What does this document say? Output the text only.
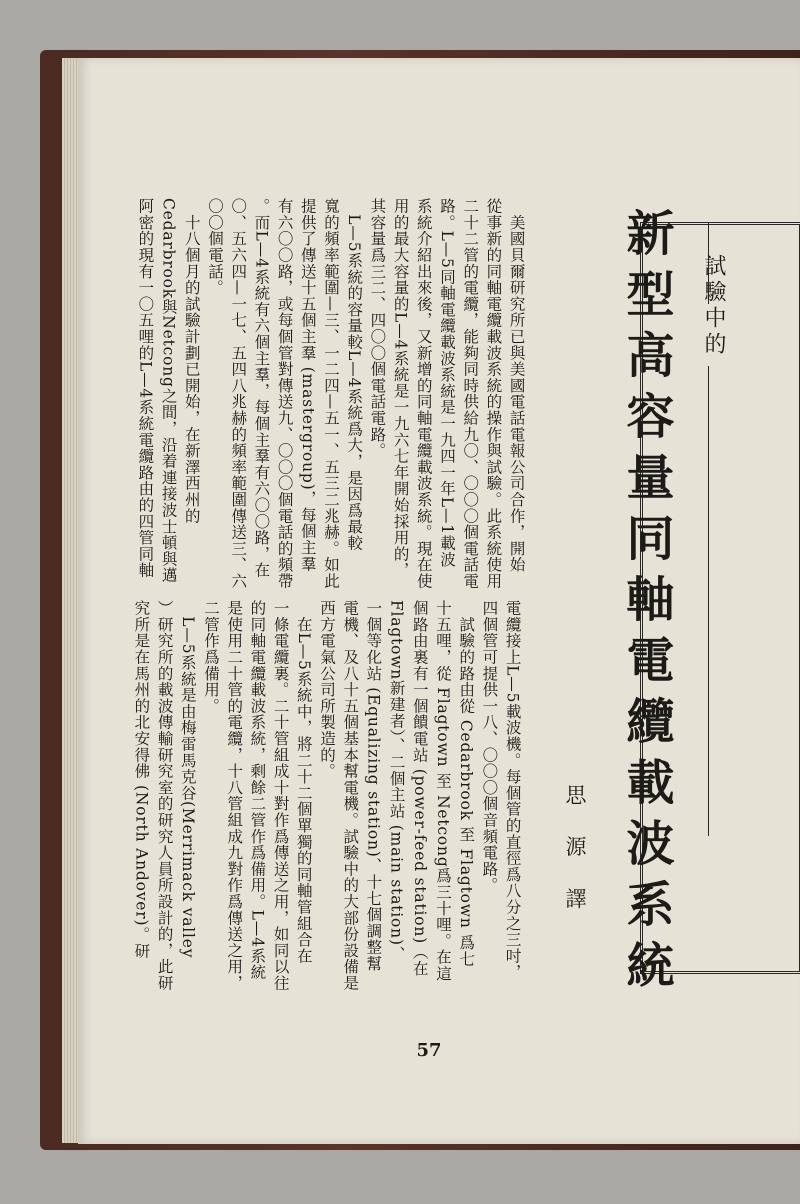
試驗中的
新型高容量同軸電纜載波系統
思 源 譯
　美國貝爾研究所已與美國電話電報公司合作，開始
從事新的同軸電纜載波系統的操作與試驗。此系統使用
二十二管的電纜，能夠同時供給九〇、〇〇〇個電話電
路。L—5同軸電纜載波系統是一九四一年L—1載波
系統介紹出來後，又新增的同軸電纜載波系統。現在使
用的最大容量的L—4系統是一九六七年開始採用的，
其容量爲三二、四〇〇個電話電路。
　L—5系統的容量較L—4系統爲大，是因爲最較
寬的頻率範圍—三、一二四—五一、五三二兆赫。如此
提供了傳送十五個主羣 (mastergroup)，每個主羣
有六〇〇路，或每個管對傳送九、〇〇〇個電話的頻帶
。而L—4系統有六個主羣，每個主羣有六〇〇路，在
〇、五六四—一七、五四八兆赫的頻率範圍傳送三、六
〇〇個電話。
　十八個月的試驗計劃已開始，在新澤西州的
Cedarbrook與Netcong之間，沿着連接波士頓與邁
阿密的現有一〇五哩的L—4系統電纜路由的四管同軸
電纜接上L—5載波機。每個管的直徑爲八分之三吋，
四個管可提供一八、〇〇〇個音頻電路。
　試驗的路由從 Cedarbrook 至 Flagtown 爲七
十五哩，從 Flagtown 至 Netcong爲三十哩。在這
個路由裏有一個饋電站 (power-feed station)（在
Flagtown新建者）、二個主站 (main station)、
一個等化站 (Equalizing station)、十七個調整幫
電機、及八十五個基本幫電機。試驗中的大部份設備是
西方電氣公司所製造的。
　在L—5系統中，將二十二個單獨的同軸管組合在
一條電纜裏。二十管組成十對作爲傳送之用，如同以往
的同軸電纜載波系統，剩餘二管作爲備用。L—4系統
是使用二十管的電纜，十八管組成九對作爲傳送之用，
二管作爲備用。
　L—5系統是由梅雷馬克谷(Merrimack valley
）研究所的載波傳輸研究室的研究人員所設計的，此研
究所是在馬州的北安得佛 (North Andover)。研
57
